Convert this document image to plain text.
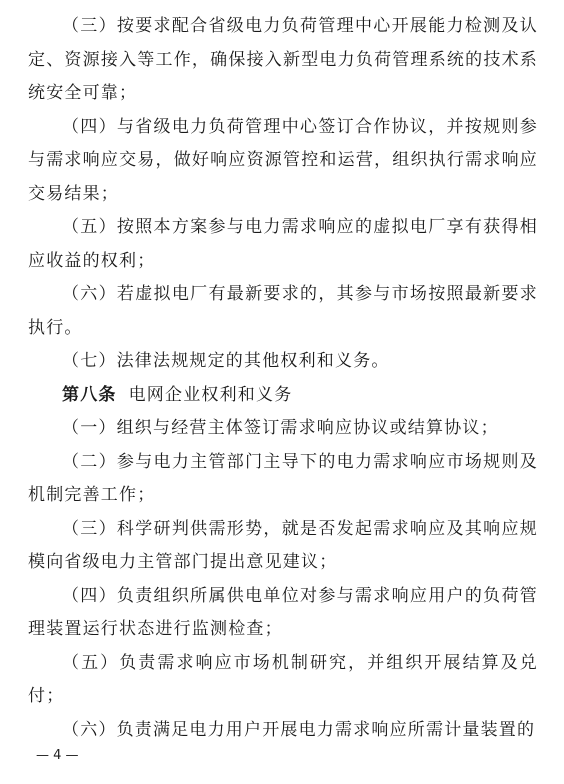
（三）按要求配合省级电力负荷管理中心开展能力检测及认定、资源接入等工作，确保接入新型电力负荷管理系统的技术系统安全可靠；

（四）与省级电力负荷管理中心签订合作协议，并按规则参与需求响应交易，做好响应资源管控和运营，组织执行需求响应交易结果；

（五）按照本方案参与电力需求响应的虚拟电厂享有获得相应收益的权利；

（六）若虚拟电厂有最新要求的，其参与市场按照最新要求执行。

（七）法律法规规定的其他权利和义务。

第八条 电网企业权利和义务

（一）组织与经营主体签订需求响应协议或结算协议；

（二）参与电力主管部门主导下的电力需求响应市场规则及机制完善工作；

（三）科学研判供需形势，就是否发起需求响应及其响应规模向省级电力主管部门提出意见建议；

（四）负责组织所属供电单位对参与需求响应用户的负荷管理装置运行状态进行监测检查；

（五）负责需求响应市场机制研究，并组织开展结算及兑付；

（六）负责满足电力用户开展电力需求响应所需计量装置的

— 4 —
